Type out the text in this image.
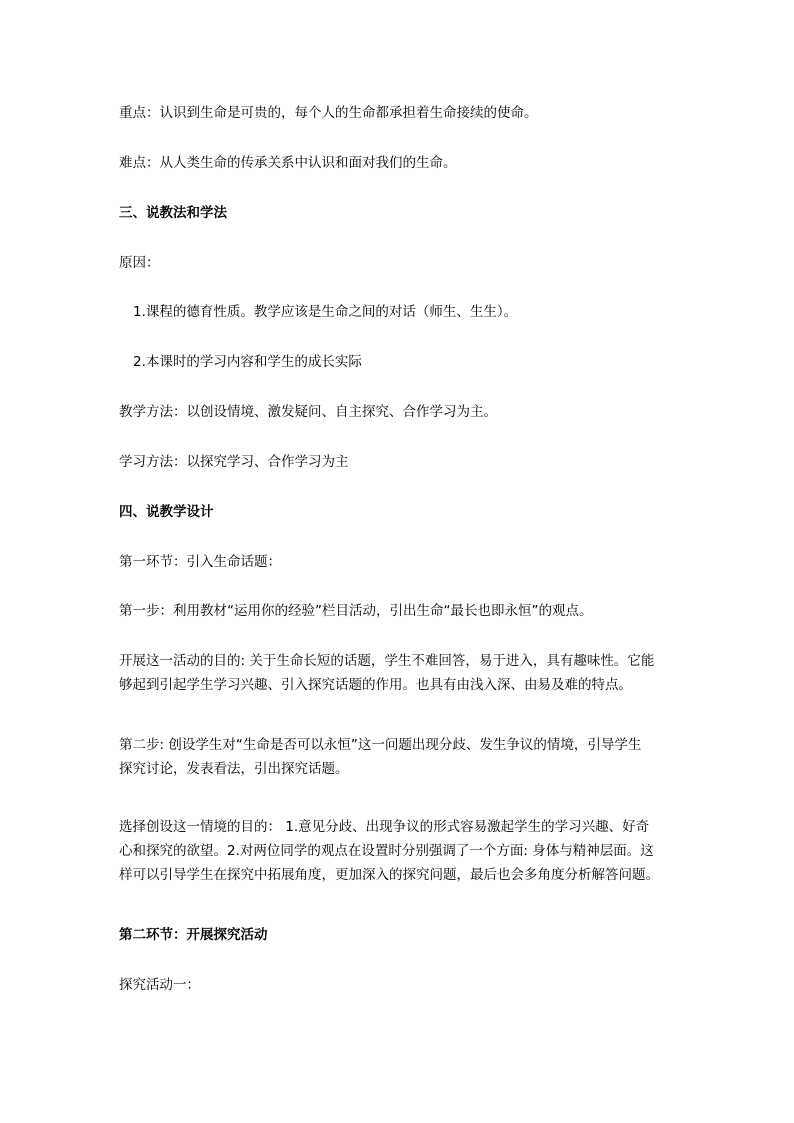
重点：认识到生命是可贵的，每个人的生命都承担着生命接续的使命。
难点：从人类生命的传承关系中认识和面对我们的生命。
三、说教法和学法
原因：
1.课程的德育性质。教学应该是生命之间的对话（师生、生生）。
2.本课时的学习内容和学生的成长实际
教学方法：以创设情境、激发疑问、自主探究、合作学习为主。
学习方法：以探究学习、合作学习为主
四、说教学设计
第一环节：引入生命话题：
第一步：利用教材“运用你的经验”栏目活动，引出生命“最长也即永恒”的观点。
开展这一活动的目的: 关于生命长短的话题，学生不难回答，易于进入，具有趣味性。它能
够起到引起学生学习兴趣、引入探究话题的作用。也具有由浅入深、由易及难的特点。
第二步: 创设学生对“生命是否可以永恒”这一问题出现分歧、发生争议的情境，引导学生
探究讨论，发表看法，引出探究话题。
选择创设这一情境的目的： 1.意见分歧、出现争议的形式容易激起学生的学习兴趣、好奇
心和探究的欲望。2.对两位同学的观点在设置时分别强调了一个方面: 身体与精神层面。这
样可以引导学生在探究中拓展角度，更加深入的探究问题，最后也会多角度分析解答问题。
第二环节：开展探究活动
探究活动一：
